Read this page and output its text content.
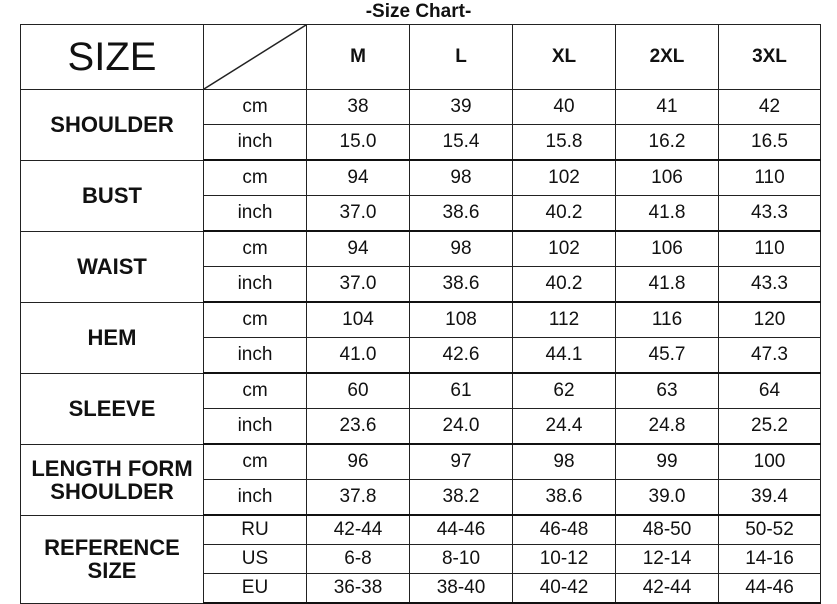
-Size Chart-
SIZE		M	L	XL	2XL	3XL
SHOULDER	cm	38	39	40	41	42
	inch	15.0	15.4	15.8	16.2	16.5
BUST	cm	94	98	102	106	110
	inch	37.0	38.6	40.2	41.8	43.3
WAIST	cm	94	98	102	106	110
	inch	37.0	38.6	40.2	41.8	43.3
HEM	cm	104	108	112	116	120
	inch	41.0	42.6	44.1	45.7	47.3
SLEEVE	cm	60	61	62	63	64
	inch	23.6	24.0	24.4	24.8	25.2
LENGTH FORM SHOULDER	cm	96	97	98	99	100
	inch	37.8	38.2	38.6	39.0	39.4
REFERENCE SIZE	RU	42-44	44-46	46-48	48-50	50-52
	US	6-8	8-10	10-12	12-14	14-16
	EU	36-38	38-40	40-42	42-44	44-46
